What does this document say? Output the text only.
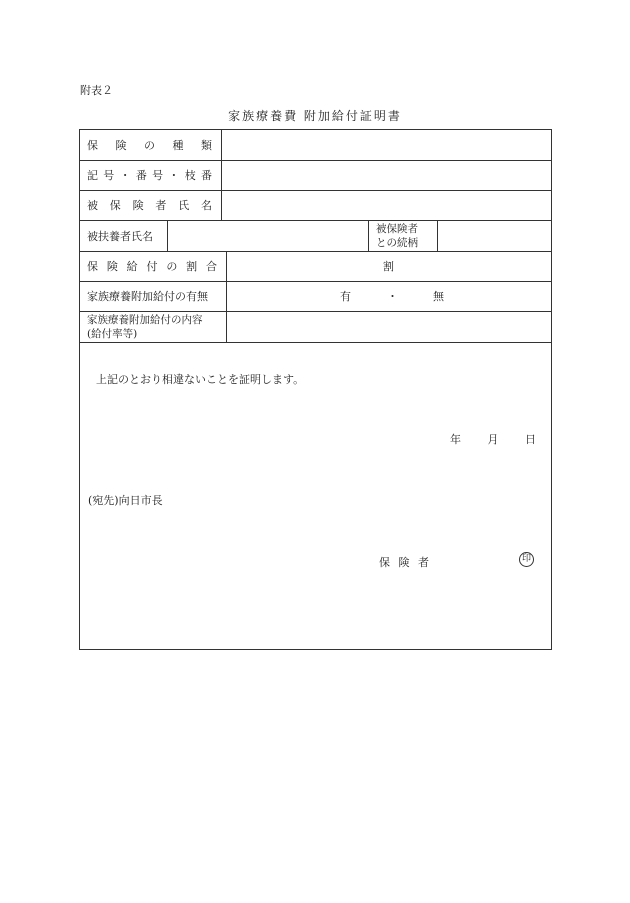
附表２
家族療養費 附加給付証明書
保 険 の 種 類
記 号 ・ 番 号 ・ 枝 番
被 保 険 者 氏 名
被扶養者氏名
被保険者
との続柄
保 険 給 付 の 割 合	割
家族療養附加給付の有無	有	・	無
家族療養附加給付の内容
(給付率等)
上記のとおり相違ないことを証明します。
年 月 日
(宛先)向日市長
保 険 者	印
